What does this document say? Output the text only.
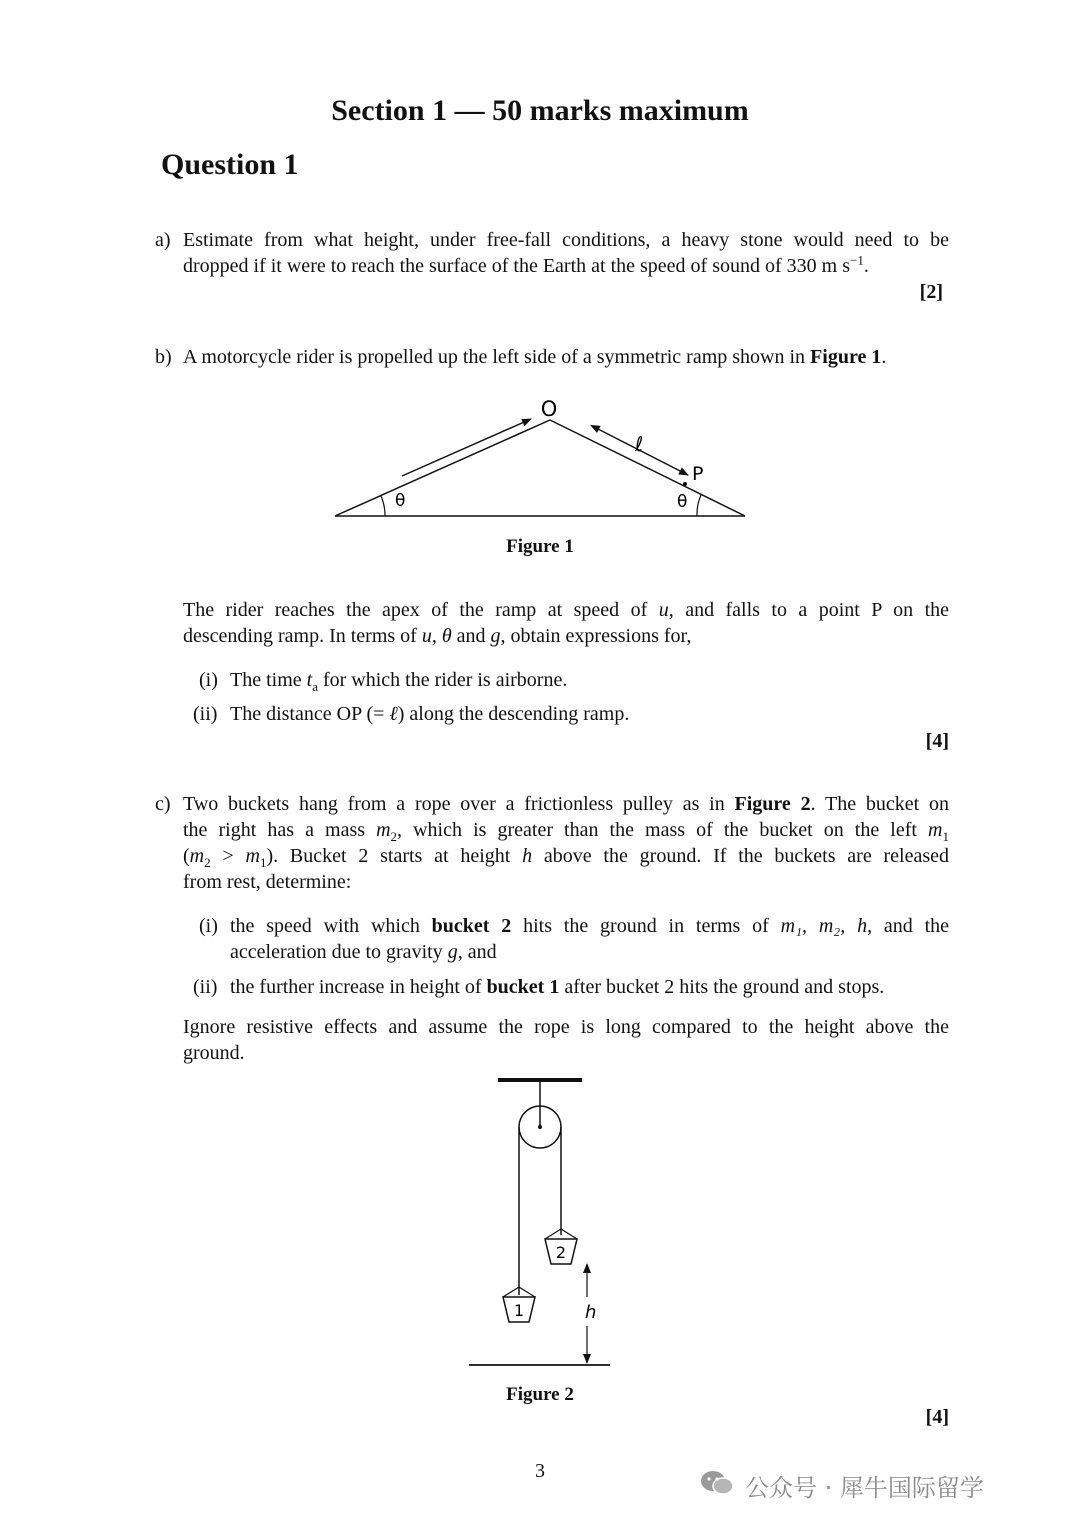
Section 1 — 50 marks maximum
Question 1
a) Estimate from what height, under free-fall conditions, a heavy stone would need to be
dropped if it were to reach the surface of the Earth at the speed of sound of 330 m $s^{-1}$.
[2]
b) A motorcycle rider is propelled up the left side of a symmetric ramp shown in Figure 1.
O
ℓ
P
θ	θ
Figure 1
The rider reaches the apex of the ramp at speed of u, and falls to a point P on the
descending ramp. In terms of u, θ and g, obtain expressions for,
(i) The time $t_a$ for which the rider is airborne.
(ii) The distance OP (= ℓ) along the descending ramp.
[4]
c) Two buckets hang from a rope over a frictionless pulley as in Figure 2. The bucket on
the right has a mass $m_2$, which is greater than the mass of the bucket on the left $m_1$
$(m_2 > m_1)$. Bucket 2 starts at height h above the ground. If the buckets are released
from rest, determine:
(i) the speed with which bucket 2 hits the ground in terms of m₁, m₂, h, and the
acceleration due to gravity g, and
(ii) the further increase in height of bucket 1 after bucket 2 hits the ground and stops.
Ignore resistive effects and assume the rope is long compared to the height above the
ground.
1
2
h
Figure 2
[4]
3
公众号 · 犀牛国际留学
